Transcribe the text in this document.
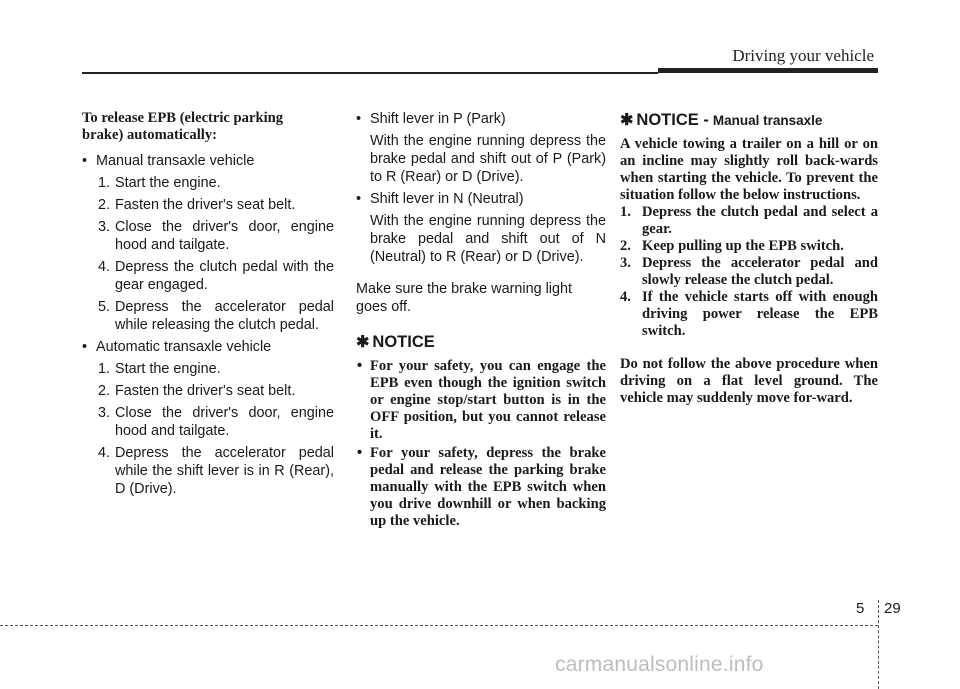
Driving your vehicle
To release EPB (electric parking
brake) automatically:
• Manual transaxle vehicle
1. Start the engine.
2. Fasten the driver's seat belt.
3. Close the driver's door, engine hood and tailgate.
4. Depress the clutch pedal with the gear engaged.
5. Depress the accelerator pedal while releasing the clutch pedal.
• Automatic transaxle vehicle
1. Start the engine.
2. Fasten the driver's seat belt.
3. Close the driver's door, engine hood and tailgate.
4. Depress the accelerator pedal while the shift lever is in R (Rear), D (Drive).
• Shift lever in P (Park)
With the engine running depress the brake pedal and shift out of P (Park) to R (Rear) or D (Drive).
• Shift lever in N (Neutral)
With the engine running depress the brake pedal and shift out of N (Neutral) to R (Rear) or D (Drive).
Make sure the brake warning light goes off.
✱ NOTICE
• For your safety, you can engage the EPB even though the ignition switch or engine stop/start button is in the OFF position, but you cannot release it.
• For your safety, depress the brake pedal and release the parking brake manually with the EPB switch when you drive downhill or when backing up the vehicle.
✱ NOTICE - Manual transaxle

A vehicle towing a trailer on a hill or on an incline may slightly roll back-wards when starting the vehicle. To prevent the situation follow the below instructions.

1. Depress the clutch pedal and select a gear.
2. Keep pulling up the EPB switch.
3. Depress the accelerator pedal and slowly release the clutch pedal.
4. If the vehicle starts off with enough driving power release the EPB switch.

Do not follow the above procedure when driving on a flat level ground. The vehicle may suddenly move for-ward.

5 29
carmanualsonline.info
